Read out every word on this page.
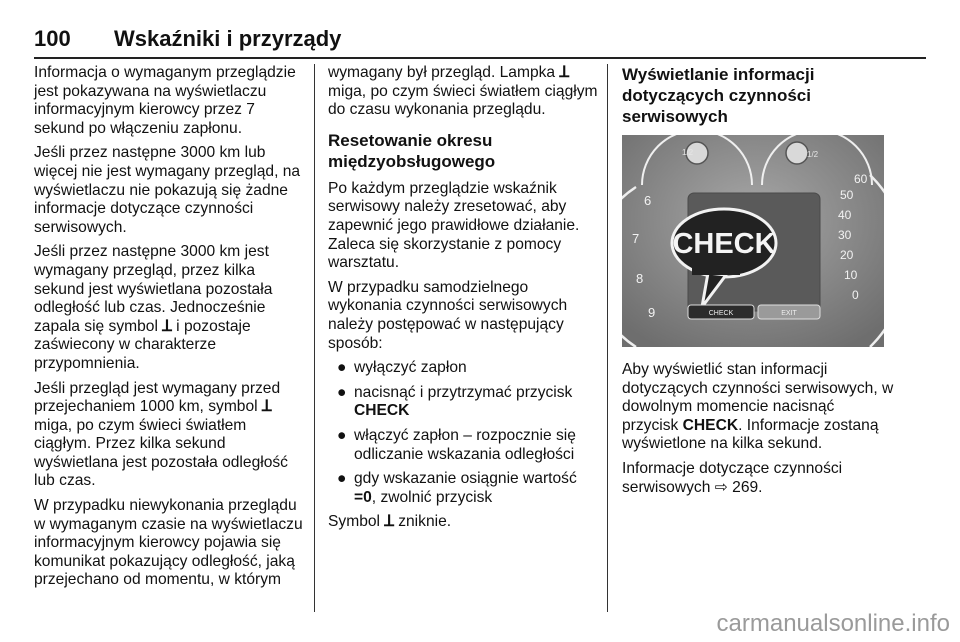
100 Wskaźniki i przyrządy

Informacja o wymaganym przeglądzie jest pokazywana na wyświetlaczu informacyjnym kierowcy przez 7 sekund po włączeniu zapłonu.

Jeśli przez następne 3000 km lub więcej nie jest wymagany przegląd, na wyświetlaczu nie pokazują się żadne informacje dotyczące czynności serwisowych.

Jeśli przez następne 3000 km jest wymagany przegląd, przez kilka sekund jest wyświetlana pozostała odległość lub czas. Jednocześnie zapala się symbol ꓕ i pozostaje zaświecony w charakterze przypomnienia.

Jeśli przegląd jest wymagany przed przejechaniem 1000 km, symbol ꓕ miga, po czym świeci światłem ciągłym. Przez kilka sekund wyświetlana jest pozostała odległość lub czas.

W przypadku niewykonania przeglądu w wymaganym czasie na wyświetlaczu informacyjnym kierowcy pojawia się komunikat pokazujący odległość, jaką przejechano od momentu, w którym

wymagany był przegląd. Lampka ꓕ miga, po czym świeci światłem ciągłym do czasu wykonania przeglądu.

Resetowanie okresu międzyobsługowego

Po każdym przeglądzie wskaźnik serwisowy należy zresetować, aby zapewnić jego prawidłowe działanie. Zaleca się skorzystanie z pomocy warsztatu.

W przypadku samodzielnego wykonania czynności serwisowych należy postępować w następujący sposób:

● wyłączyć zapłon
● nacisnąć i przytrzymać przycisk CHECK
● włączyć zapłon – rozpocznie się odliczanie wskazania odległości
● gdy wskazanie osiągnie wartość =0, zwolnić przycisk

Symbol ꓕ zniknie.

Wyświetlanie informacji dotyczących czynności serwisowych
1/2
6
7
8
9
1/2
60
50
40
30
20
10
0
CHECK
CHECK	EXIT

Aby wyświetlić stan informacji dotyczących czynności serwisowych, w dowolnym momencie nacisnąć przycisk CHECK. Informacje zostaną wyświetlone na kilka sekund.

Informacje dotyczące czynności serwisowych ⇨ 269.

carmanualsonline.info
